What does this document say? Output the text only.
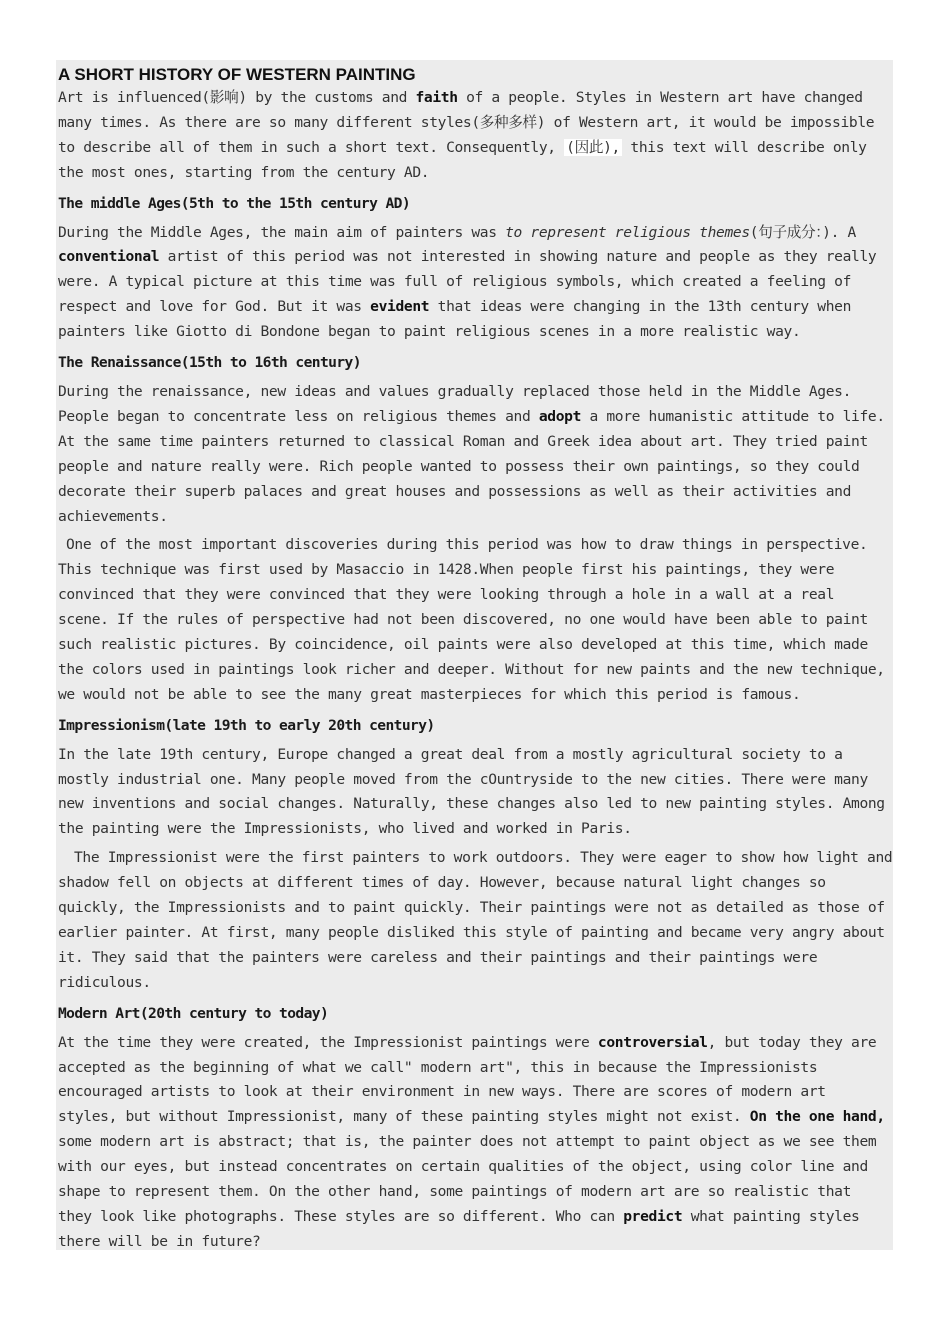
A SHORT HISTORY OF WESTERN PAINTING

Art is influenced(影响) by the customs and faith of a people. Styles in Western art have changed many times. As there are so many different styles(多种多样) of Western art, it would be impossible to describe all of them in such a short text. Consequently, (因此), this text will describe only the most ones, starting from the century AD.

The middle Ages(5th to the 15th century AD)

During the Middle Ages, the main aim of painters was to represent religious themes(句子成分：). A conventional artist of this period was not interested in showing nature and people as they really were. A typical picture at this time was full of religious symbols, which created a feeling of respect and love for God. But it was evident that ideas were changing in the 13th century when painters like Giotto di Bondone began to paint religious scenes in a more realistic way.

The Renaissance(15th to 16th century)

During the renaissance, new ideas and values gradually replaced those held in the Middle Ages. People began to concentrate less on religious themes and adopt a more humanistic attitude to life. At the same time painters returned to classical Roman and Greek idea about art. They tried paint people and nature really were. Rich people wanted to possess their own paintings, so they could decorate their superb palaces and great houses and possessions as well as their activities and achievements.

One of the most important discoveries during this period was how to draw things in perspective. This technique was first used by Masaccio in 1428.When people first his paintings, they were convinced that they were convinced that they were looking through a hole in a wall at a real scene. If the rules of perspective had not been discovered, no one would have been able to paint such realistic pictures. By coincidence, oil paints were also developed at this time, which made the colors used in paintings look richer and deeper. Without for new paints and the new technique, we would not be able to see the many great masterpieces for which this period is famous.

Impressionism(late 19th to early 20th century)

In the late 19th century, Europe changed a great deal from a mostly agricultural society to a mostly industrial one. Many people moved from the cOuntryside to the new cities. There were many new inventions and social changes. Naturally, these changes also led to new painting styles. Among the painting were the Impressionists, who lived and worked in Paris.

The Impressionist were the first painters to work outdoors. They were eager to show how light and shadow fell on objects at different times of day. However, because natural light changes so quickly, the Impressionists and to paint quickly. Their paintings were not as detailed as those of earlier painter. At first, many people disliked this style of painting and became very angry about it. They said that the painters were careless and their paintings and their paintings were ridiculous.

Modern Art(20th century to today)

At the time they were created, the Impressionist paintings were controversial, but today they are accepted as the beginning of what we call" modern art", this in because the Impressionists encouraged artists to look at their environment in new ways. There are scores of modern art styles, but without Impressionist, many of these painting styles might not exist. On the one hand, some modern art is abstract; that is, the painter does not attempt to paint object as we see them with our eyes, but instead concentrates on certain qualities of the object, using color line and shape to represent them. On the other hand, some paintings of modern art are so realistic that they look like photographs. These styles are so different. Who can predict what painting styles there will be in future?
